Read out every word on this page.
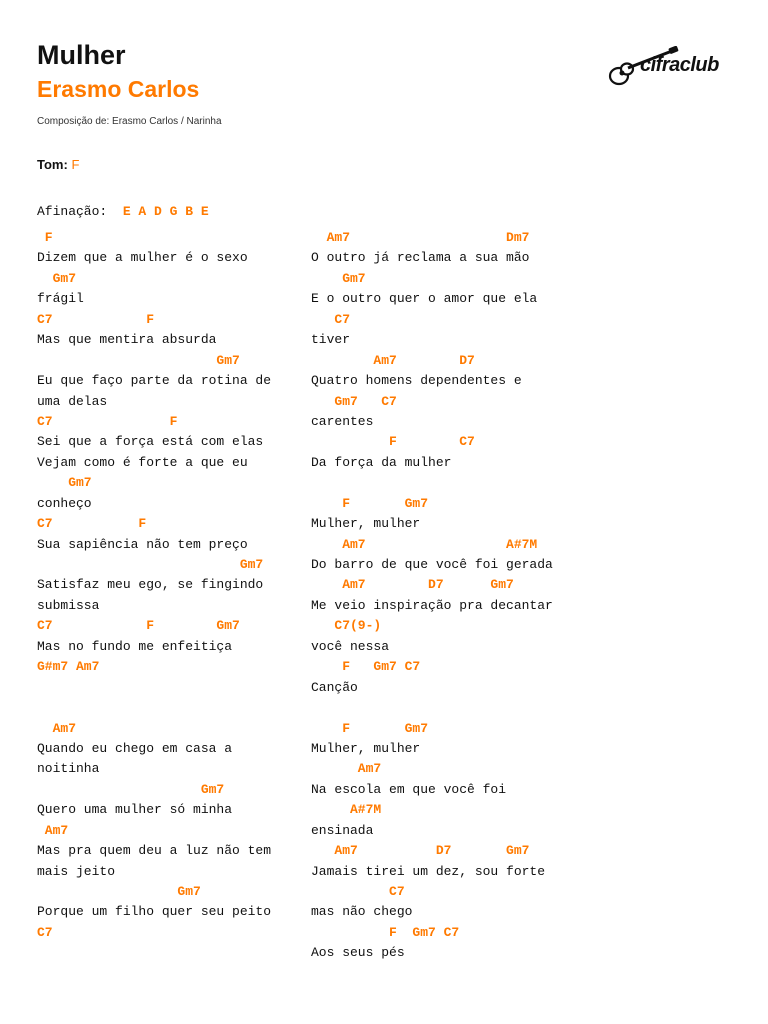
Mulher
Erasmo Carlos
Composição de: Erasmo Carlos / Narinha
Tom: F
Afinação: E A D G B E
cifraclub
F
Dizem que a mulher é o sexo
Gm7
frágil
C7            F
Mas que mentira absurda
Gm7
Eu que faço parte da rotina de
uma delas
C7               F
Sei que a força está com elas
Vejam como é forte a que eu
Gm7
conheço
C7           F
Sua sapiência não tem preço
Gm7
Satisfaz meu ego, se fingindo
submissa
C7            F        Gm7
Mas no fundo me enfeitiça
G#m7 Am7
Am7
Quando eu chego em casa a
noitinha
Gm7
Quero uma mulher só minha
Am7
Mas pra quem deu a luz não tem
mais jeito
Gm7
Porque um filho quer seu peito
C7
Am7                    Dm7
O outro já reclama a sua mão
Gm7
E o outro quer o amor que ela
C7
tiver
Am7        D7
Quatro homens dependentes e
Gm7   C7
carentes
F        C7
Da força da mulher
F       Gm7
Mulher, mulher
Am7                  A#7M
Do barro de que você foi gerada
Am7        D7      Gm7
Me veio inspiração pra decantar
C7(9-)
você nessa
F   Gm7 C7
Canção
F       Gm7
Mulher, mulher
Am7
Na escola em que você foi
A#7M
ensinada
Am7          D7       Gm7
Jamais tirei um dez, sou forte
C7
mas não chego
F  Gm7 C7
Aos seus pés
